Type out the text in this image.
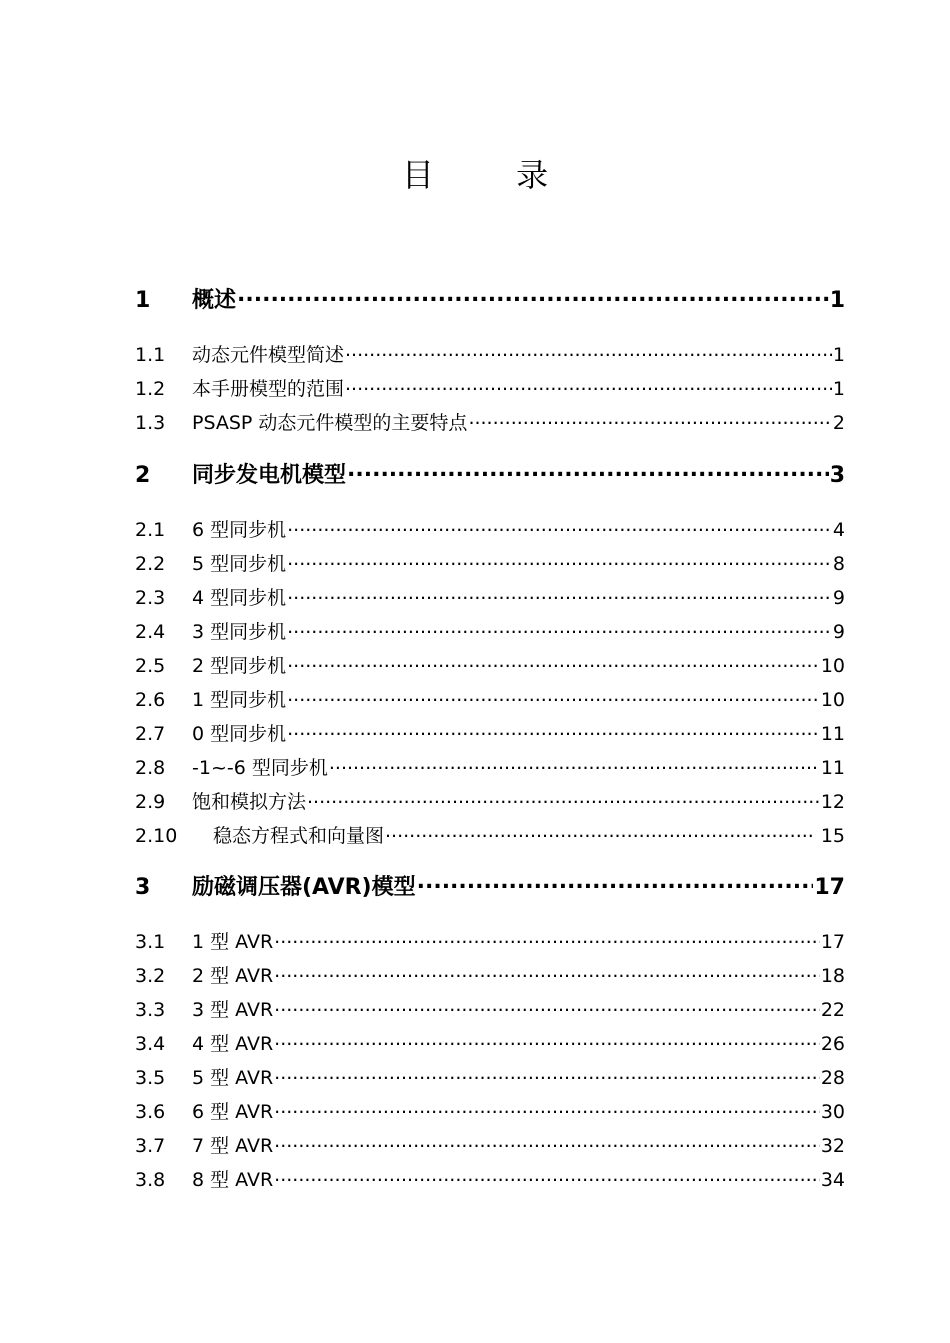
目 录
1	概述 .....	1
1.1	动态元件模型简述 .....	1
1.2	本手册模型的范围 .....	1
1.3	PSASP 动态元件模型的主要特点 .....	2
2	同步发电机模型 .....	3
2.1	6 型同步机 .....	4
2.2	5 型同步机 .....	8
2.3	4 型同步机 .....	9
2.4	3 型同步机 .....	9
2.5	2 型同步机 .....	10
2.6	1 型同步机 .....	10
2.7	0 型同步机 .....	11
2.8	-1~-6 型同步机 .....	11
2.9	饱和模拟方法 .....	12
2.10	稳态方程式和向量图 .....	15
3	励磁调压器(AVR)模型 .....	17
3.1	1 型 AVR .....	17
3.2	2 型 AVR .....	18
3.3	3 型 AVR .....	22
3.4	4 型 AVR .....	26
3.5	5 型 AVR .....	28
3.6	6 型 AVR .....	30
3.7	7 型 AVR .....	32
3.8	8 型 AVR .....	34
